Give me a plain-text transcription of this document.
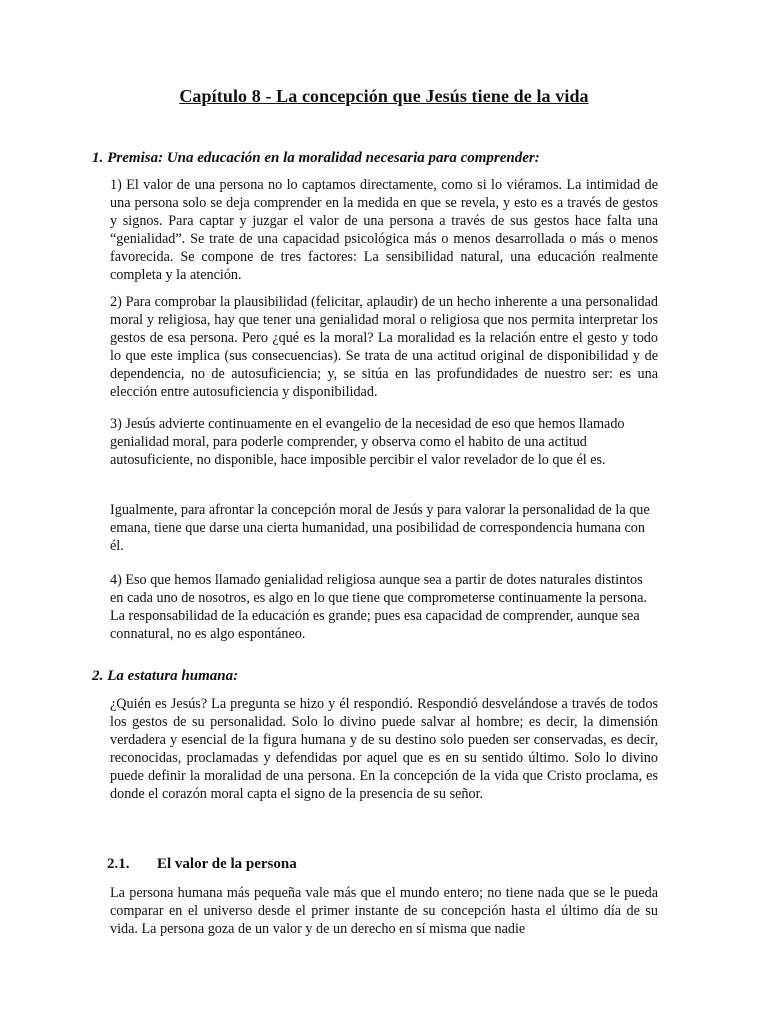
Capítulo 8 - La concepción que Jesús tiene de la vida
1. Premisa: Una educación en la moralidad necesaria para comprender:

1) El valor de una persona no lo captamos directamente, como si lo viéramos. La intimidad de una persona solo se deja comprender en la medida en que se revela, y esto es a través de gestos y signos. Para captar y juzgar el valor de una persona a través de sus gestos hace falta una “genialidad”. Se trate de una capacidad psicológica más o menos desarrollada o más o menos favorecida. Se compone de tres factores: La sensibilidad natural, una educación realmente completa y la atención.

2) Para comprobar la plausibilidad (felicitar, aplaudir) de un hecho inherente a una personalidad moral y religiosa, hay que tener una genialidad moral o religiosa que nos permita interpretar los gestos de esa persona. Pero ¿qué es la moral? La moralidad es la relación entre el gesto y todo lo que este implica (sus consecuencias). Se trata de una actitud original de disponibilidad y de dependencia, no de autosuficiencia; y, se sitúa en las profundidades de nuestro ser: es una elección entre autosuficiencia y disponibilidad.

3) Jesús advierte continuamente en el evangelio de la necesidad de eso que hemos llamado genialidad moral, para poderle comprender, y observa como el habito de una actitud autosuficiente, no disponible, hace imposible percibir el valor revelador de lo que él es.

Igualmente, para afrontar la concepción moral de Jesús y para valorar la personalidad de la que emana, tiene que darse una cierta humanidad, una posibilidad de correspondencia humana con él.

4) Eso que hemos llamado genialidad religiosa aunque sea a partir de dotes naturales distintos en cada uno de nosotros, es algo en lo que tiene que comprometerse continuamente la persona. La responsabilidad de la educación es grande; pues esa capacidad de comprender, aunque sea connatural, no es algo espontáneo.

2. La estatura humana:

¿Quién es Jesús? La pregunta se hizo y él respondió. Respondió desvelándose a través de todos los gestos de su personalidad. Solo lo divino puede salvar al hombre; es decir, la dimensión verdadera y esencial de la figura humana y de su destino solo pueden ser conservadas, es decir, reconocidas, proclamadas y defendidas por aquel que es en su sentido último. Solo lo divino puede definir la moralidad de una persona. En la concepción de la vida que Cristo proclama, es donde el corazón moral capta el signo de la presencia de su señor.

2.1. El valor de la persona

La persona humana más pequeña vale más que el mundo entero; no tiene nada que se le pueda comparar en el universo desde el primer instante de su concepción hasta el último día de su vida. La persona goza de un valor y de un derecho en sí misma que nadie
